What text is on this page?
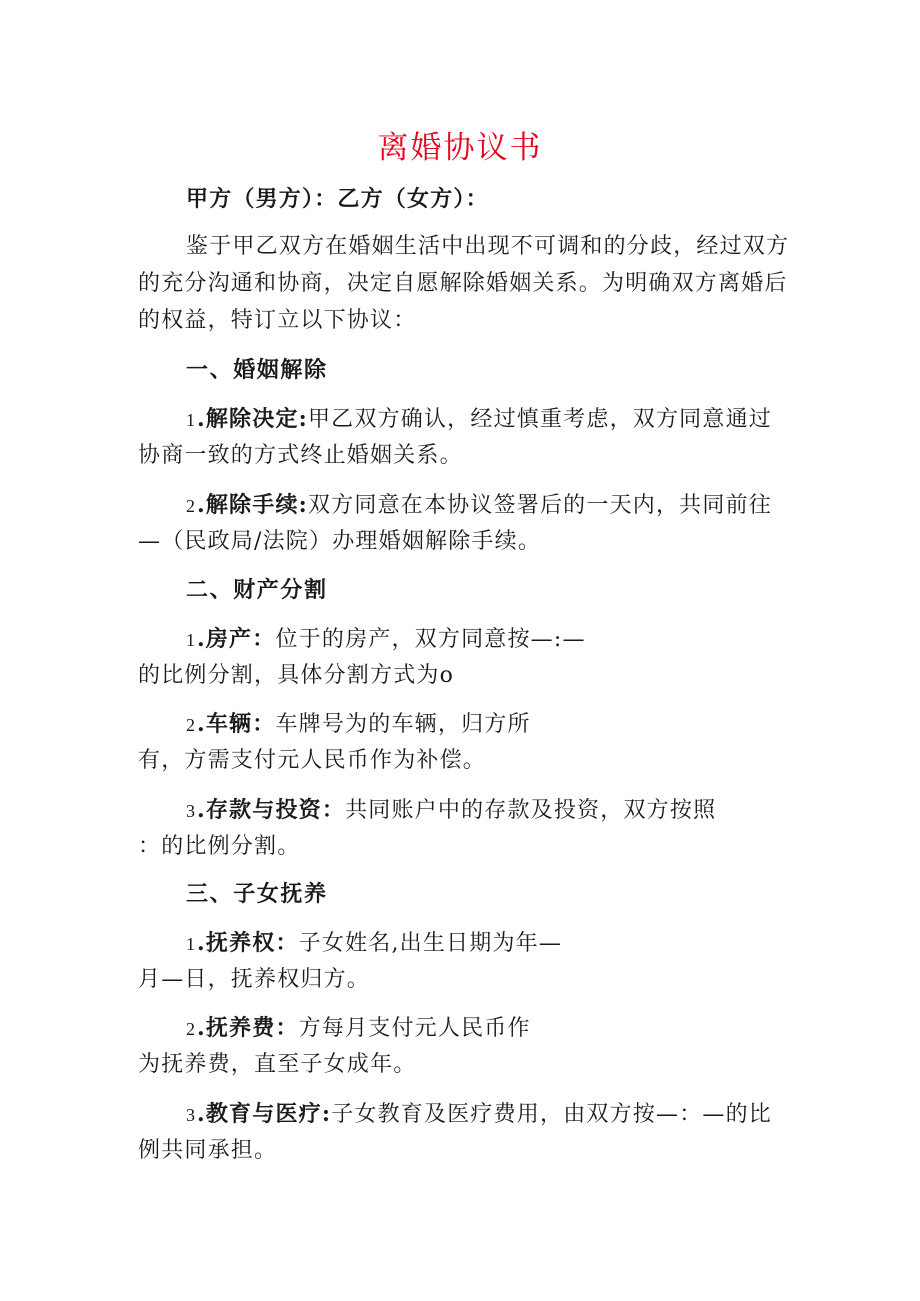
离婚协议书
甲方（男方）：乙方（女方）：
鉴于甲乙双方在婚姻生活中出现不可调和的分歧，经过双方
的充分沟通和协商，决定自愿解除婚姻关系。为明确双方离婚后
的权益，特订立以下协议：
一、婚姻解除
1.解除决定:甲乙双方确认，经过慎重考虑，双方同意通过
协商一致的方式终止婚姻关系。
2.解除手续:双方同意在本协议签署后的一天内，共同前往
—（民政局/法院）办理婚姻解除手续。
二、财产分割
1.房产：位于的房产，双方同意按—:—
的比例分割，具体分割方式为o
2.车辆：车牌号为的车辆，归方所
有，方需支付元人民币作为补偿。
3.存款与投资：共同账户中的存款及投资，双方按照
：的比例分割。
三、子女抚养
1.抚养权：子女姓名,出生日期为年—
月—日，抚养权归方。
2.抚养费：方每月支付元人民币作
为抚养费，直至子女成年。
3.教育与医疗:子女教育及医疗费用，由双方按—：—的比
例共同承担。
